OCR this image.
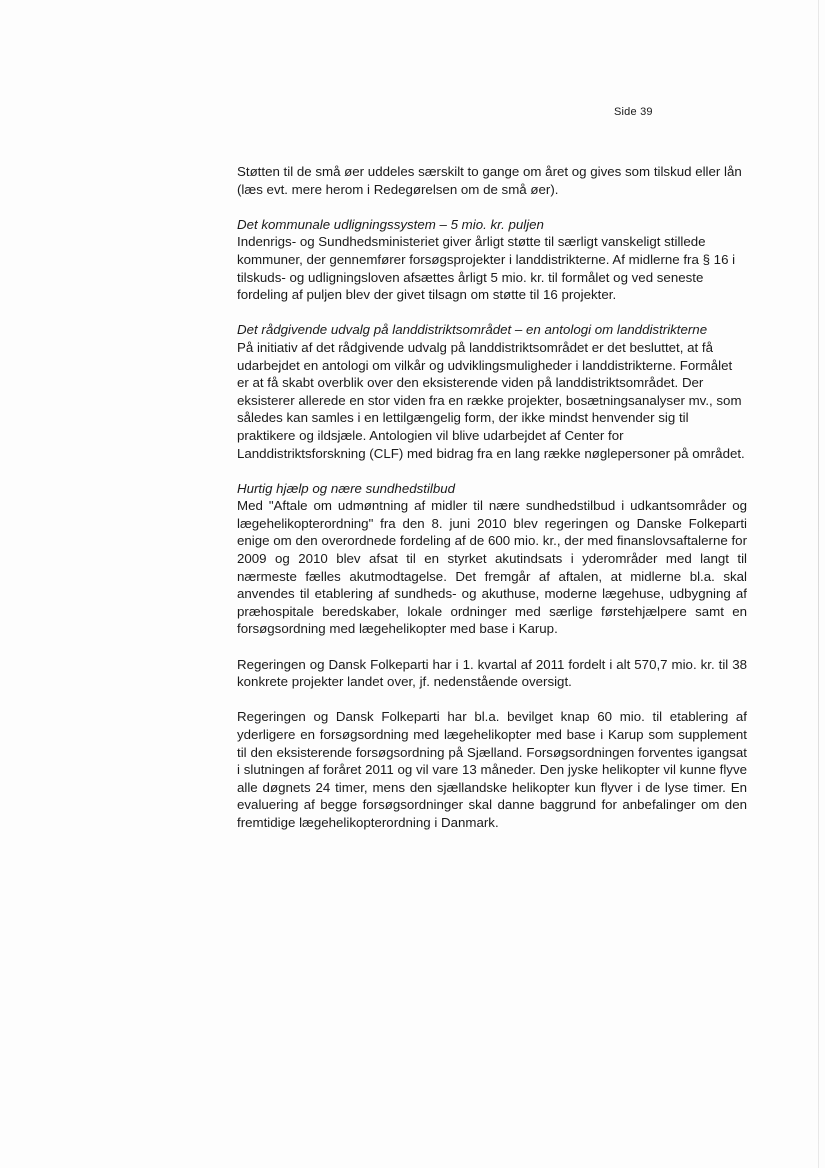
Side 39

Støtten til de små øer uddeles særskilt to gange om året og gives som tilskud eller lån (læs evt. mere herom i Redegørelsen om de små øer).

Det kommunale udligningssystem – 5 mio. kr. puljen

Indenrigs- og Sundhedsministeriet giver årligt støtte til særligt vanskeligt stillede kommuner, der gennemfører forsøgsprojekter i landdistrikterne. Af midlerne fra § 16 i tilskuds- og udligningsloven afsættes årligt 5 mio. kr. til formålet og ved seneste fordeling af puljen blev der givet tilsagn om støtte til 16 projekter.

Det rådgivende udvalg på landdistriktsområdet – en antologi om landdistrikterne

På initiativ af det rådgivende udvalg på landdistriktsområdet er det besluttet, at få udarbejdet en antologi om vilkår og udviklingsmuligheder i landdistrikterne. Formålet er at få skabt overblik over den eksisterende viden på landdistriktsområdet. Der eksisterer allerede en stor viden fra en række projekter, bosætningsanalyser mv., som således kan samles i en lettilgængelig form, der ikke mindst henvender sig til praktikere og ildsjæle. Antologien vil blive udarbejdet af Center for Landdistriktsforskning (CLF) med bidrag fra en lang række nøglepersoner på området.

Hurtig hjælp og nære sundhedstilbud

Med "Aftale om udmøntning af midler til nære sundhedstilbud i udkantsområder og lægehelikopterordning" fra den 8. juni 2010 blev regeringen og Danske Folkeparti enige om den overordnede fordeling af de 600 mio. kr., der med finanslovsaftalerne for 2009 og 2010 blev afsat til en styrket akutindsats i yderområder med langt til nærmeste fælles akutmodtagelse. Det fremgår af aftalen, at midlerne bl.a. skal anvendes til etablering af sundheds- og akuthuse, moderne lægehuse, udbygning af præhospitale beredskaber, lokale ordninger med særlige førstehjælpere samt en forsøgsordning med lægehelikopter med base i Karup.

Regeringen og Dansk Folkeparti har i 1. kvartal af 2011 fordelt i alt 570,7 mio. kr. til 38 konkrete projekter landet over, jf. nedenstående oversigt.

Regeringen og Dansk Folkeparti har bl.a. bevilget knap 60 mio. til etablering af yderligere en forsøgsordning med lægehelikopter med base i Karup som supplement til den eksisterende forsøgsordning på Sjælland. Forsøgsordningen forventes igangsat i slutningen af foråret 2011 og vil vare 13 måneder. Den jyske helikopter vil kunne flyve alle døgnets 24 timer, mens den sjællandske helikopter kun flyver i de lyse timer. En evaluering af begge forsøgsordninger skal danne baggrund for anbefalinger om den fremtidige lægehelikopterordning i Danmark.
